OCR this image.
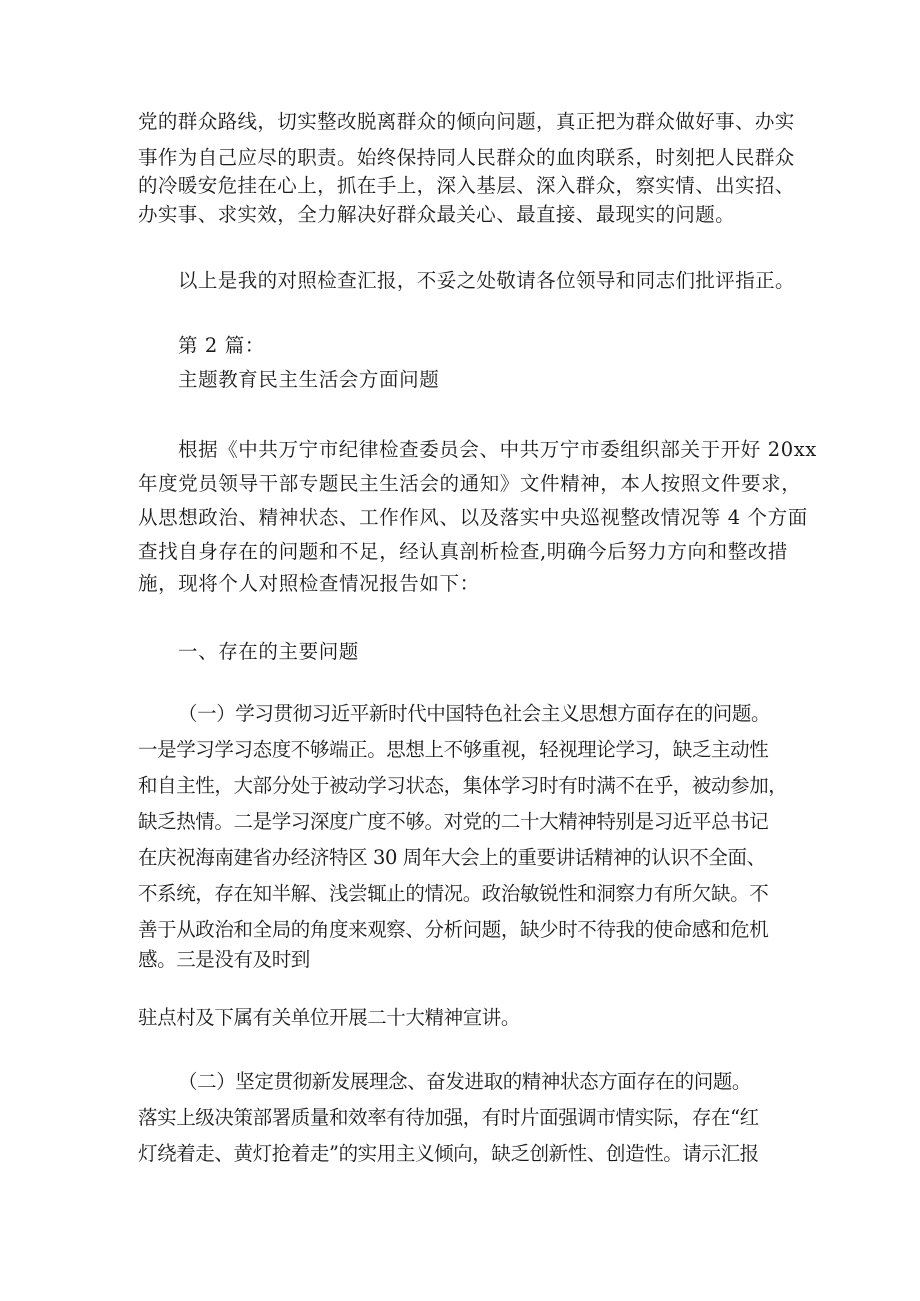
党的群众路线，切实整改脱离群众的倾向问题，真正把为群众做好事、办实
事作为自己应尽的职责。始终保持同人民群众的血肉联系，时刻把人民群众
的冷暖安危挂在心上，抓在手上，深入基层、深入群众，察实情、出实招、
办实事、求实效，全力解决好群众最关心、最直接、最现实的问题。
以上是我的对照检查汇报，不妥之处敬请各位领导和同志们批评指正。
第 2 篇：
主题教育民主生活会方面问题
根据《中共万宁市纪律检查委员会、中共万宁市委组织部关于开好 20xx
年度党员领导干部专题民主生活会的通知》文件精神，本人按照文件要求，
从思想政治、精神状态、工作作风、以及落实中央巡视整改情况等 4 个方面
查找自身存在的问题和不足，经认真剖析检查,明确今后努力方向和整改措
施，现将个人对照检查情况报告如下：
一、存在的主要问题
（一）学习贯彻习近平新时代中国特色社会主义思想方面存在的问题。
一是学习学习态度不够端正。思想上不够重视，轻视理论学习，缺乏主动性
和自主性，大部分处于被动学习状态，集体学习时有时满不在乎，被动参加，
缺乏热情。二是学习深度广度不够。对党的二十大精神特别是习近平总书记
在庆祝海南建省办经济特区 30 周年大会上的重要讲话精神的认识不全面、
不系统，存在知半解、浅尝辄止的情况。政治敏锐性和洞察力有所欠缺。不
善于从政治和全局的角度来观察、分析问题，缺少时不待我的使命感和危机
感。三是没有及时到
驻点村及下属有关单位开展二十大精神宣讲。
（二）坚定贯彻新发展理念、奋发进取的精神状态方面存在的问题。
落实上级决策部署质量和效率有待加强，有时片面强调市情实际，存在“红
灯绕着走、黄灯抢着走”的实用主义倾向，缺乏创新性、创造性。请示汇报
